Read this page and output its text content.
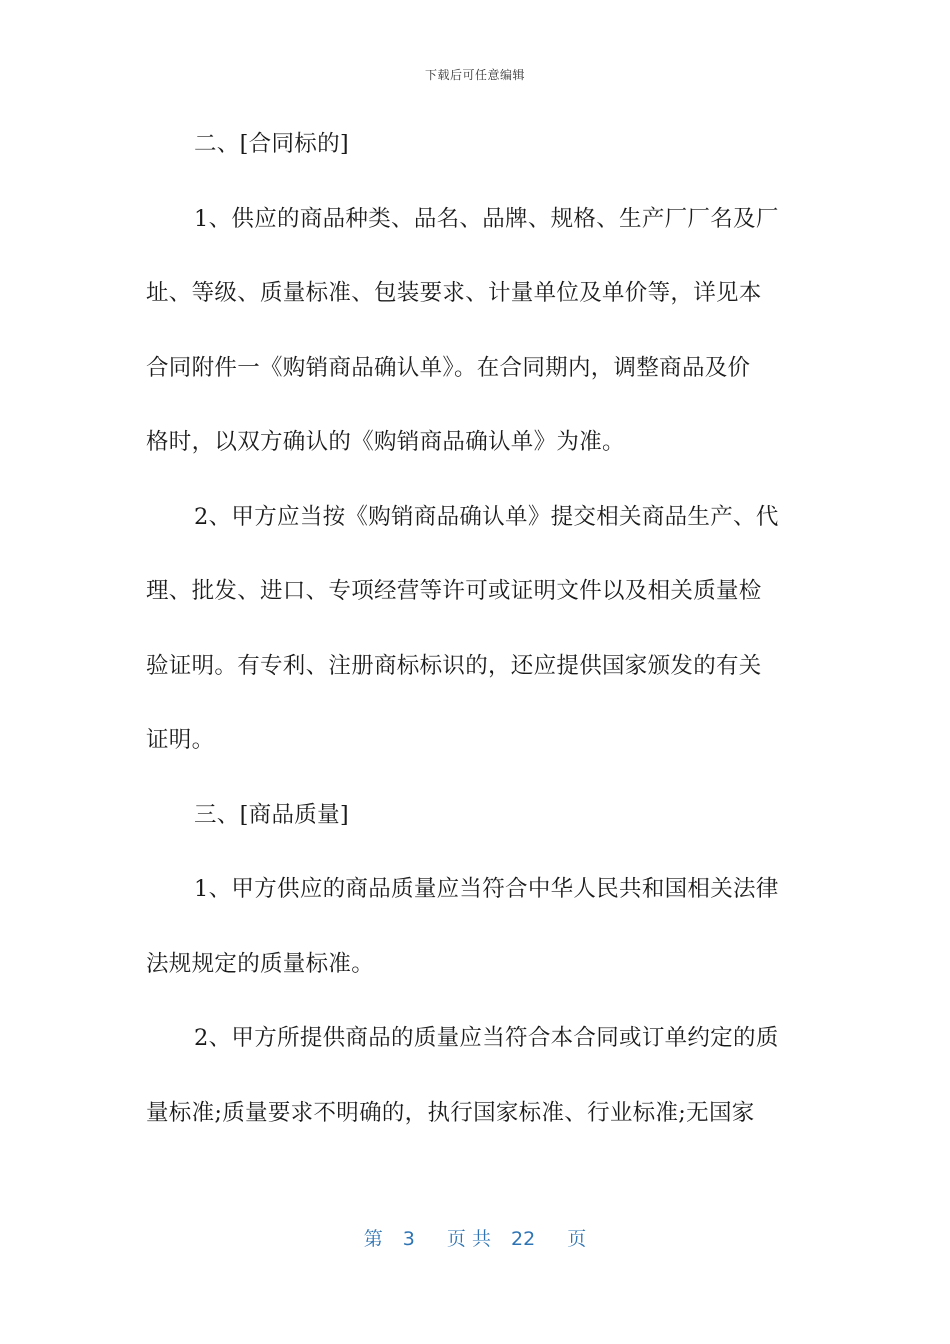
下载后可任意编辑
二、[合同标的]
1、供应的商品种类、品名、品牌、规格、生产厂厂名及厂
址、等级、质量标准、包装要求、计量单位及单价等，详见本
合同附件一《购销商品确认单》。在合同期内，调整商品及价
格时，以双方确认的《购销商品确认单》为准。
2、甲方应当按《购销商品确认单》提交相关商品生产、代
理、批发、进口、专项经营等许可或证明文件以及相关质量检
验证明。有专利、注册商标标识的，还应提供国家颁发的有关
证明。
三、[商品质量]
1、甲方供应的商品质量应当符合中华人民共和国相关法律
法规规定的质量标准。
2、甲方所提供商品的质量应当符合本合同或订单约定的质
量标准;质量要求不明确的，执行国家标准、行业标准;无国家
第 3 页 共 22 页
